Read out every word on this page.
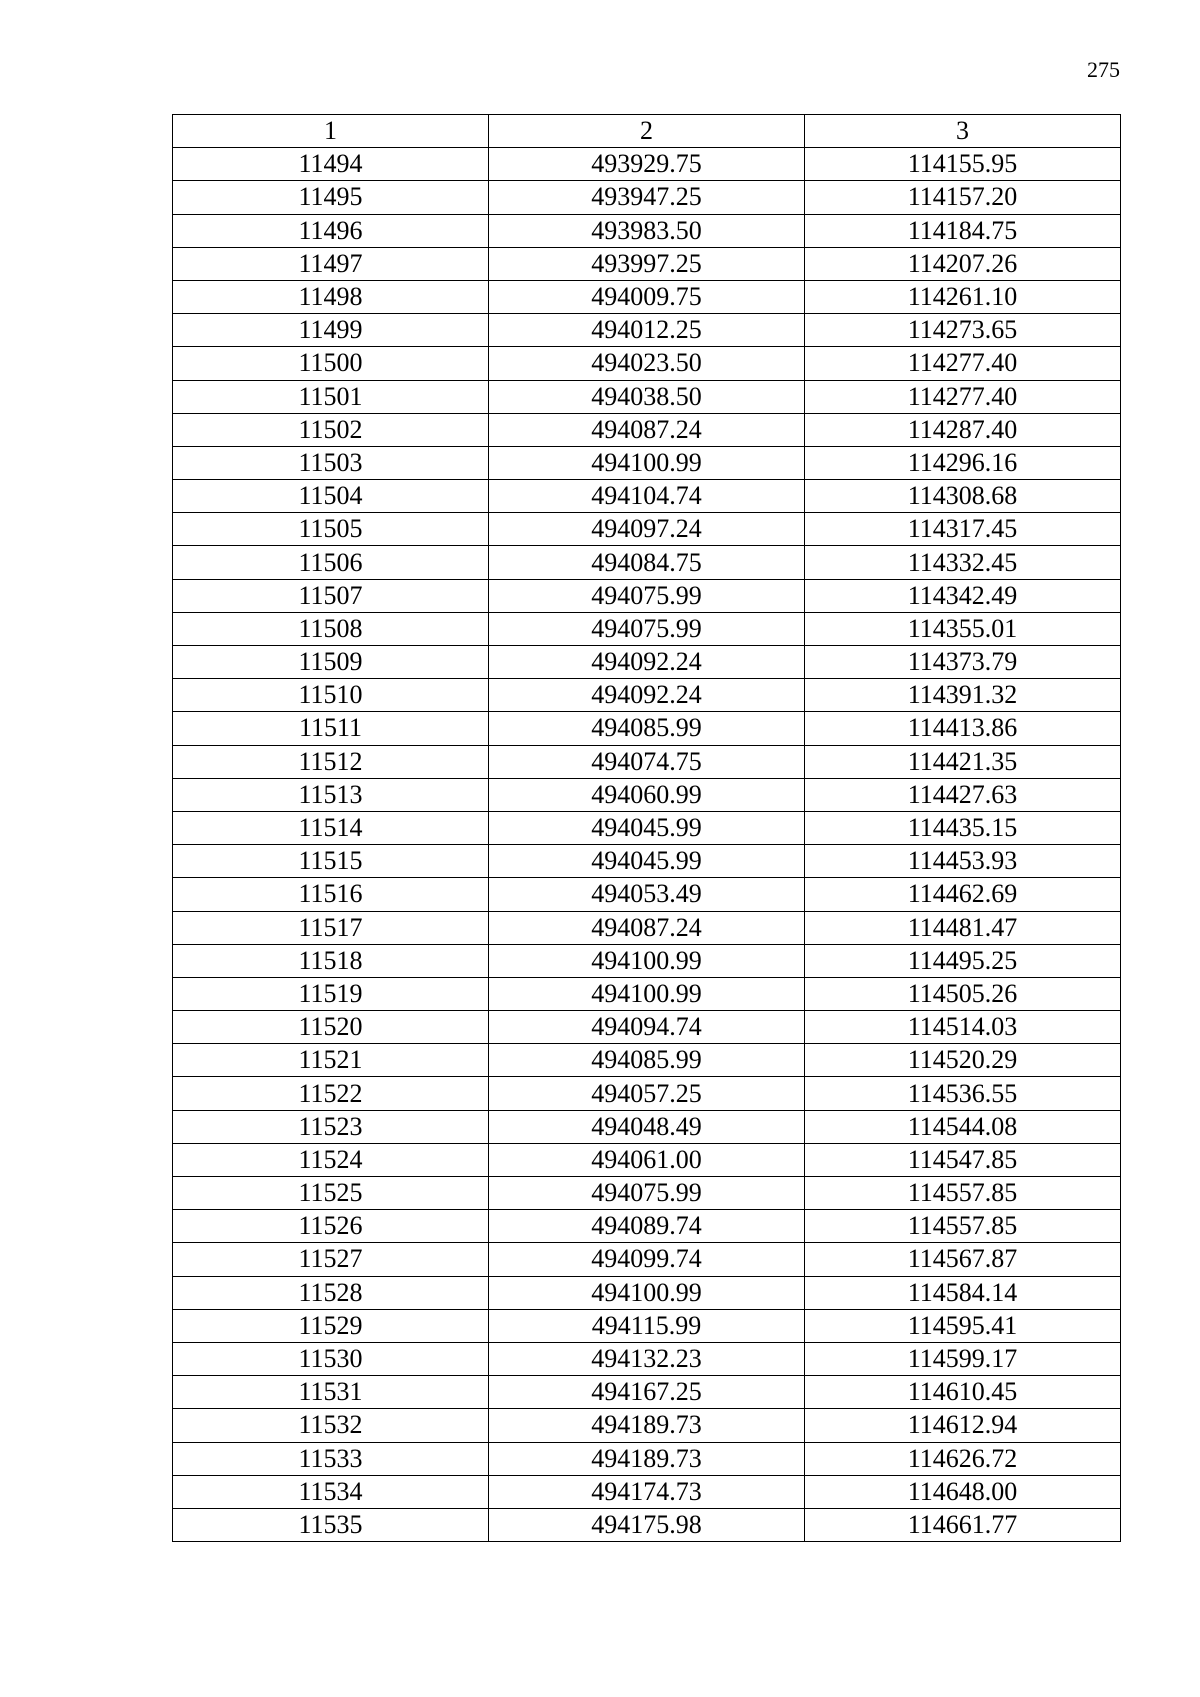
275
1	2	3
11494	493929.75	114155.95
11495	493947.25	114157.20
11496	493983.50	114184.75
11497	493997.25	114207.26
11498	494009.75	114261.10
11499	494012.25	114273.65
11500	494023.50	114277.40
11501	494038.50	114277.40
11502	494087.24	114287.40
11503	494100.99	114296.16
11504	494104.74	114308.68
11505	494097.24	114317.45
11506	494084.75	114332.45
11507	494075.99	114342.49
11508	494075.99	114355.01
11509	494092.24	114373.79
11510	494092.24	114391.32
11511	494085.99	114413.86
11512	494074.75	114421.35
11513	494060.99	114427.63
11514	494045.99	114435.15
11515	494045.99	114453.93
11516	494053.49	114462.69
11517	494087.24	114481.47
11518	494100.99	114495.25
11519	494100.99	114505.26
11520	494094.74	114514.03
11521	494085.99	114520.29
11522	494057.25	114536.55
11523	494048.49	114544.08
11524	494061.00	114547.85
11525	494075.99	114557.85
11526	494089.74	114557.85
11527	494099.74	114567.87
11528	494100.99	114584.14
11529	494115.99	114595.41
11530	494132.23	114599.17
11531	494167.25	114610.45
11532	494189.73	114612.94
11533	494189.73	114626.72
11534	494174.73	114648.00
11535	494175.98	114661.77
